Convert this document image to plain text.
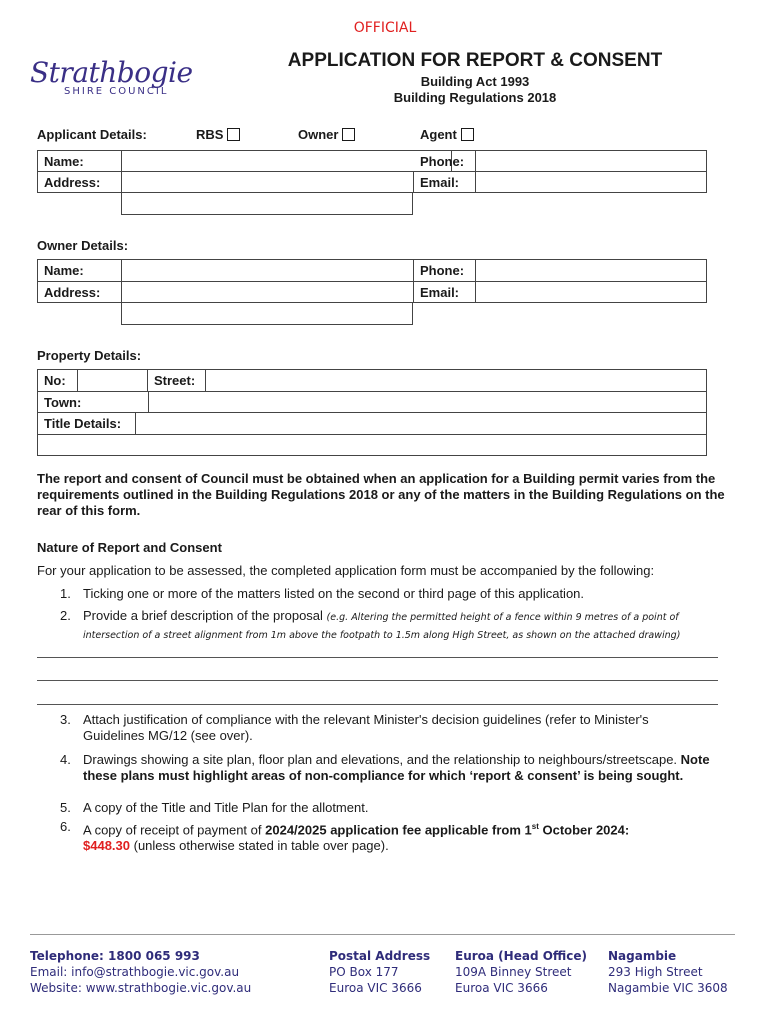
OFFICIAL
Strathbogie
SHIRE COUNCIL
APPLICATION FOR REPORT & CONSENT
Building Act 1993
Building Regulations 2018
Applicant Details:	RBS	Owner	Agent
Name:	Phone:
Address:	Email:
Owner Details:
Name:	Phone:
Address:	Email:
Property Details:
No:	Street:
Town:
Title Details:
The report and consent of Council must be obtained when an application for a Building permit varies from the requirements outlined in the Building Regulations 2018 or any of the matters in the Building Regulations on the rear of this form.
Nature of Report and Consent
For your application to be assessed, the completed application form must be accompanied by the following:
1. Ticking one or more of the matters listed on the second or third page of this application.
2. Provide a brief description of the proposal (e.g. Altering the permitted height of a fence within 9 metres of a point of intersection of a street alignment from 1m above the footpath to 1.5m along High Street, as shown on the attached drawing)
3. Attach justification of compliance with the relevant Minister's decision guidelines (refer to Minister's Guidelines MG/12 (see over).
4. Drawings showing a site plan, floor plan and elevations, and the relationship to neighbours/streetscape. Note these plans must highlight areas of non-compliance for which ‘report & consent’ is being sought.
5. A copy of the Title and Title Plan for the allotment.
6. A copy of receipt of payment of 2024/2025 application fee applicable from 1st October 2024:
$448.30 (unless otherwise stated in table over page).
Telephone: 1800 065 993
Email: info@strathbogie.vic.gov.au
Website: www.strathbogie.vic.gov.au
Postal Address
PO Box 177
Euroa VIC 3666
Euroa (Head Office)
109A Binney Street
Euroa VIC 3666
Nagambie
293 High Street
Nagambie VIC 3608
